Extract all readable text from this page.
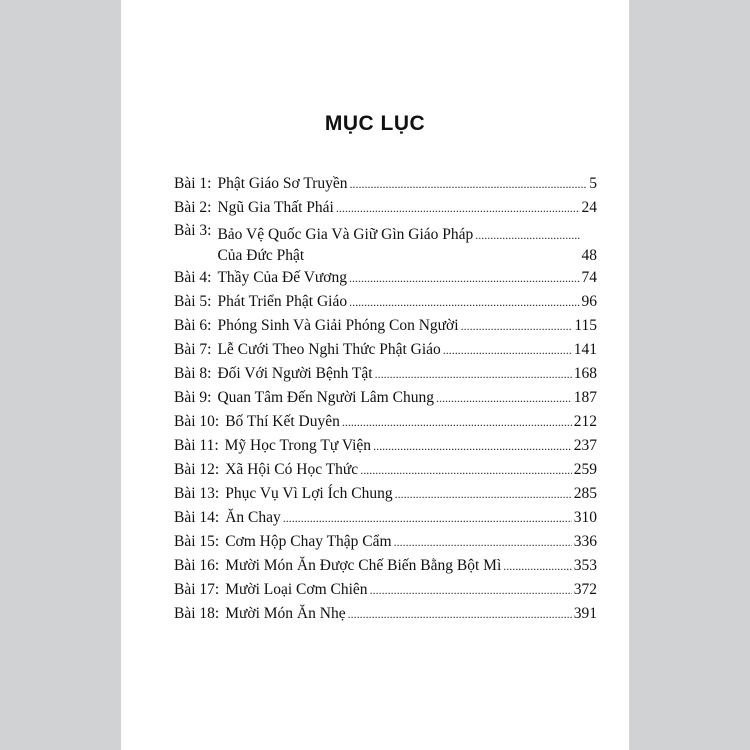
MỤC LỤC
Bài 1: Phật Giáo Sơ Truyền .....	5
Bài 2: Ngũ Gia Thất Phái .....	24
Bài 3: Bảo Vệ Quốc Gia Và Giữ Gìn Giáo Pháp
Của Đức Phật
.....	48
Bài 4: Thầy Của Đế Vương .....	74
Bài 5: Phát Triển Phật Giáo .....	96
Bài 6: Phóng Sinh Và Giải Phóng Con Người .....	115
Bài 7: Lễ Cưới Theo Nghi Thức Phật Giáo .....	141
Bài 8: Đối Với Người Bệnh Tật .....	168
Bài 9: Quan Tâm Đến Người Lâm Chung .....	187
Bài 10: Bố Thí Kết Duyên .....	212
Bài 11: Mỹ Học Trong Tự Viện .....	237
Bài 12: Xã Hội Có Học Thức .....	259
Bài 13: Phục Vụ Vì Lợi Ích Chung .....	285
Bài 14: Ăn Chay .....	310
Bài 15: Cơm Hộp Chay Thập Cẩm .....	336
Bài 16: Mười Món Ăn Được Chế Biến Bằng Bột Mì .....	353
Bài 17: Mười Loại Cơm Chiên .....	372
Bài 18: Mười Món Ăn Nhẹ .....	391
